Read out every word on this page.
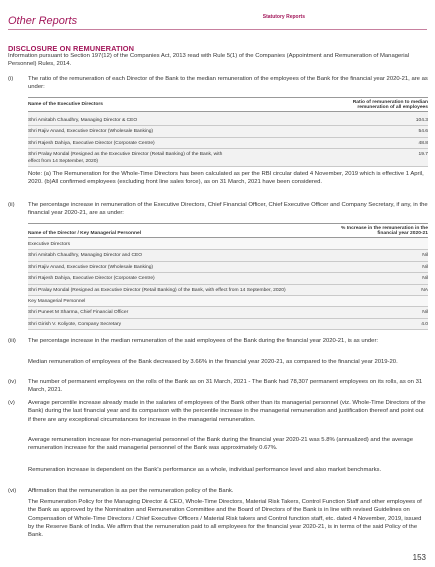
Other Reports	Statutory Reports
DISCLOSURE ON REMUNERATION
Information pursuant to Section 197(12) of the Companies Act, 2013 read with Rule 5(1) of the Companies (Appointment and Remuneration of Managerial Personnel) Rules, 2014.
(i)	The ratio of the remuneration of each Director of the Bank to the median remuneration of the employees of the Bank for the financial year 2020-21, are as under:
Name of the Executive Directors	Ratio of remuneration to median remuneration of all employees
Shri Amitabh Chaudhry, Managing Director & CEO	104.3
Shri Rajiv Anand, Executive Director (Wholesale Banking)	54.6
Shri Rajesh Dahiya, Executive Director (Corporate Centre)	48.8
Shri Pralay Mondal (Resigned as the Executive Director (Retail Banking) of the Bank, with effect from 14 September, 2020)	19.7
Note: (a) The Remuneration for the Whole-Time Directors has been calculated as per the RBI circular dated 4 November, 2019 which is effective 1 April, 2020. (b)All confirmed employees (excluding front line sales force), as on 31 March, 2021 have been considered.
(ii) The percentage increase in remuneration of the Executive Directors, Chief Financial Officer, Chief Executive Officer and Company Secretary, if any, in the financial year 2020-21, are as under:
Name of the Director / Key Managerial Personnel	% Increase in the remuneration in the financial year 2020-21
Executive Directors	
Shri Amitabh Chaudhry, Managing Director and CEO	Nil
Shri Rajiv Anand, Executive Director (Wholesale Banking)	Nil
Shri Rajesh Dahiya, Executive Director (Corporate Centre)	Nil
Shri Pralay Mondal (Resigned as Executive Director (Retail Banking) of the Bank, with effect from 14 September, 2020)	NA
Key Managerial Personnel	
Shri Puneet M Sharma, Chief Financial Officer	Nil
Shri Girish V. Koliyote, Company Secretary	4.0
(iii) The percentage increase in the median remuneration of the said employees of the Bank during the financial year 2020-21, is as under:
Median remuneration of employees of the Bank decreased by 3.66% in the financial year 2020-21, as compared to the financial year 2019-20.
(iv) The number of permanent employees on the rolls of the Bank as on 31 March, 2021 - The Bank had 78,307 permanent employees on its rolls, as on 31 March, 2021.
(v) Average percentile increase already made in the salaries of employees of the Bank other than its managerial personnel (viz. Whole-Time Directors of the Bank) during the last financial year and its comparison with the percentile increase in the managerial remuneration and justification thereof and point out if there are any exceptional circumstances for increase in the managerial remuneration.
Average remuneration increase for non-managerial personnel of the Bank during the financial year 2020-21 was 5.8% (annualized) and the average remuneration increase for the said managerial personnel of the Bank was approximately 0.67%.
Remuneration increase is dependent on the Bank's performance as a whole, individual performance level and also market benchmarks.
(vi) Affirmation that the remuneration is as per the remuneration policy of the Bank.
The Remuneration Policy for the Managing Director & CEO, Whole-Time Directors, Material Risk Takers, Control Function Staff and other employees of the Bank as approved by the Nomination and Remuneration Committee and the Board of Directors of the Bank is in line with revised Guidelines on Compensation of Whole-Time Directors / Chief Executive Officers / Material Risk takers and Control function staff, etc. dated 4 November, 2019, issued by the Reserve Bank of India. We affirm that the remuneration paid to all employees for the financial year 2020-21, is in terms of the said Policy of the Bank.
153
